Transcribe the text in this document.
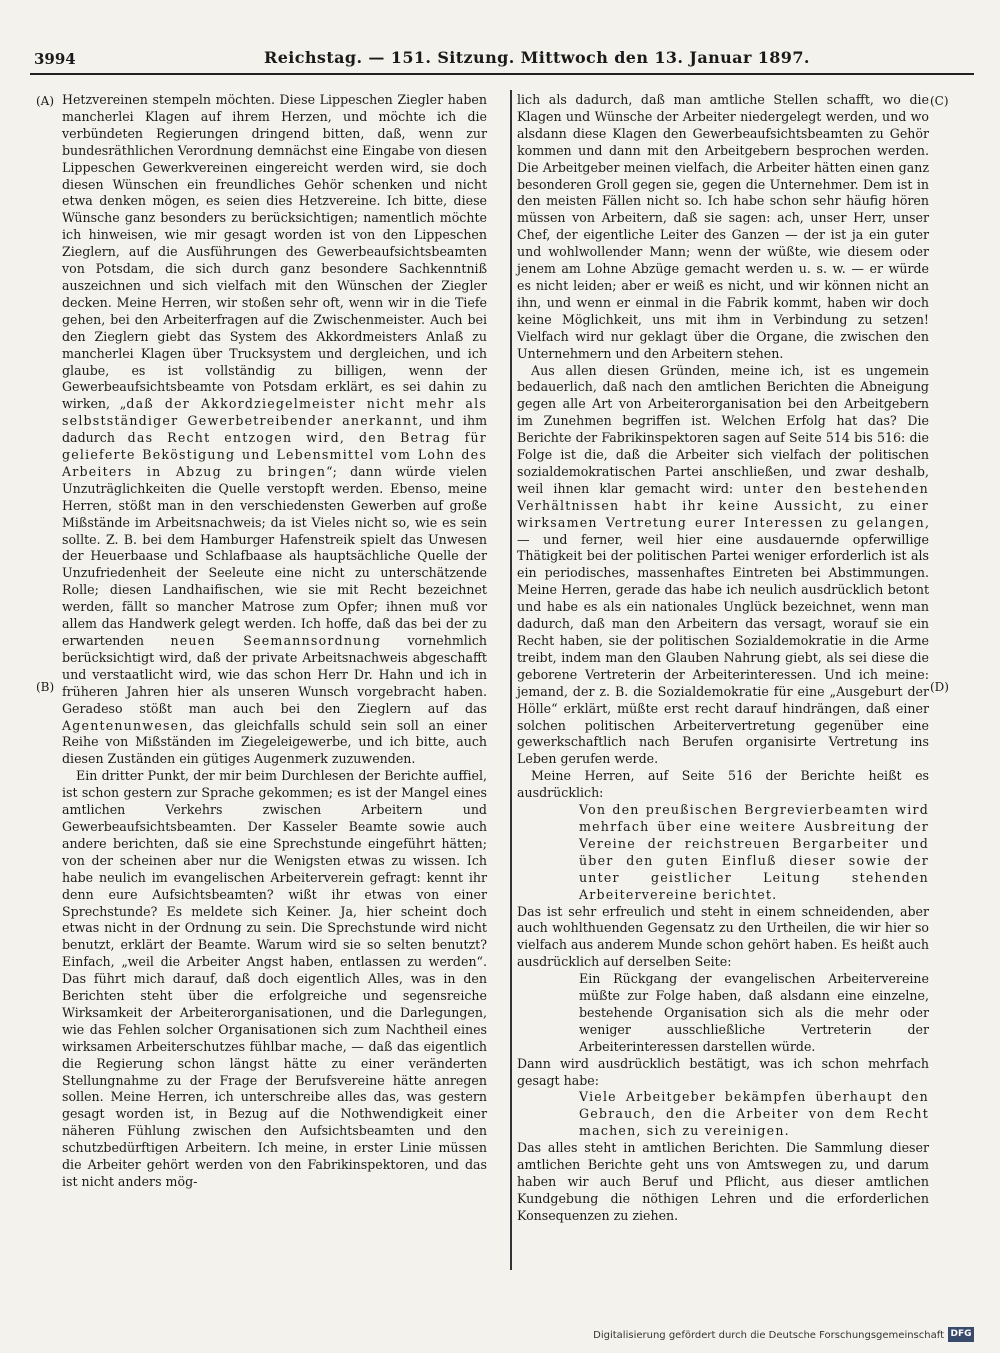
3994	Reichstag. — 151. Sitzung. Mittwoch den 13. Januar 1897.
(A)
(B)
(C)
(D)

Hetzvereinen stempeln möchten. Diese Lippeschen Ziegler haben mancherlei Klagen auf ihrem Herzen, und möchte ich die verbündeten Regierungen dringend bitten, daß, wenn zur bundesräthlichen Verordnung demnächst eine Eingabe von diesen Lippeschen Gewerkvereinen eingereicht werden wird, sie doch diesen Wünschen ein freundliches Gehör schenken und nicht etwa denken mögen, es seien dies Hetzvereine. Ich bitte, diese Wünsche ganz besonders zu berücksichtigen; namentlich möchte ich hinweisen, wie mir gesagt worden ist von den Lippeschen Zieglern, auf die Ausführungen des Gewerbeaufsichtsbeamten von Potsdam, die sich durch ganz besondere Sachkenntniß auszeichnen und sich vielfach mit den Wünschen der Ziegler decken. Meine Herren, wir stoßen sehr oft, wenn wir in die Tiefe gehen, bei den Arbeiterfragen auf die Zwischenmeister. Auch bei den Zieglern giebt das System des Akkordmeisters Anlaß zu mancherlei Klagen über Trucksystem und dergleichen, und ich glaube, es ist vollständig zu billigen, wenn der Gewerbeaufsichtsbeamte von Potsdam erklärt, es sei dahin zu wirken, „daß der Akkordziegelmeister nicht mehr als selbstständiger Gewerbetreibender anerkannt, und ihm dadurch das Recht entzogen wird, den Betrag für gelieferte Beköstigung und Lebensmittel vom Lohn des Arbeiters in Abzug zu bringen“; dann würde vielen Unzuträglichkeiten die Quelle verstopft werden. Ebenso, meine Herren, stößt man in den verschiedensten Gewerben auf große Mißstände im Arbeitsnachweis; da ist Vieles nicht so, wie es sein sollte. Z. B. bei dem Hamburger Hafenstreik spielt das Unwesen der Heuerbaase und Schlafbaase als hauptsächliche Quelle der Unzufriedenheit der Seeleute eine nicht zu unterschätzende Rolle; diesen Landhaifischen, wie sie mit Recht bezeichnet werden, fällt so mancher Matrose zum Opfer; ihnen muß vor allem das Handwerk gelegt werden. Ich hoffe, daß das bei der zu erwartenden neuen Seemannsordnung vornehmlich berücksichtigt wird, daß der private Arbeitsnachweis abgeschafft und verstaatlicht wird, wie das schon Herr Dr. Hahn und ich in früheren Jahren hier als unseren Wunsch vorgebracht haben. Geradeso stößt man auch bei den Zieglern auf das Agentenunwesen, das gleichfalls schuld sein soll an einer Reihe von Mißständen im Ziegeleigewerbe, und ich bitte, auch diesen Zuständen ein gütiges Augenmerk zuzuwenden.

Ein dritter Punkt, der mir beim Durchlesen der Berichte auffiel, ist schon gestern zur Sprache gekommen; es ist der Mangel eines amtlichen Verkehrs zwischen Arbeitern und Gewerbeaufsichtsbeamten. Der Kasseler Beamte sowie auch andere berichten, daß sie eine Sprechstunde eingeführt hätten; von der scheinen aber nur die Wenigsten etwas zu wissen. Ich habe neulich im evangelischen Arbeiterverein gefragt: kennt ihr denn eure Aufsichtsbeamten? wißt ihr etwas von einer Sprechstunde? Es meldete sich Keiner. Ja, hier scheint doch etwas nicht in der Ordnung zu sein. Die Sprechstunde wird nicht benutzt, erklärt der Beamte. Warum wird sie so selten benutzt? Einfach, „weil die Arbeiter Angst haben, entlassen zu werden“. Das führt mich darauf, daß doch eigentlich Alles, was in den Berichten steht über die erfolgreiche und segensreiche Wirksamkeit der Arbeiterorganisationen, und die Darlegungen, wie das Fehlen solcher Organisationen sich zum Nachtheil eines wirksamen Arbeiterschutzes fühlbar mache, — daß das eigentlich die Regierung schon längst hätte zu einer veränderten Stellungnahme zu der Frage der Berufsvereine hätte anregen sollen. Meine Herren, ich unterschreibe alles das, was gestern gesagt worden ist, in Bezug auf die Nothwendigkeit einer näheren Fühlung zwischen den Aufsichtsbeamten und den schutzbedürftigen Arbeitern. Ich meine, in erster Linie müssen die Arbeiter gehört werden von den Fabrikinspektoren, und das ist nicht anders mög-

lich als dadurch, daß man amtliche Stellen schafft, wo die Klagen und Wünsche der Arbeiter niedergelegt werden, und wo alsdann diese Klagen den Gewerbeaufsichtsbeamten zu Gehör kommen und dann mit den Arbeitgebern besprochen werden. Die Arbeitgeber meinen vielfach, die Arbeiter hätten einen ganz besonderen Groll gegen sie, gegen die Unternehmer. Dem ist in den meisten Fällen nicht so. Ich habe schon sehr häufig hören müssen von Arbeitern, daß sie sagen: ach, unser Herr, unser Chef, der eigentliche Leiter des Ganzen — der ist ja ein guter und wohlwollender Mann; wenn der wüßte, wie diesem oder jenem am Lohne Abzüge gemacht werden u. s. w. — er würde es nicht leiden; aber er weiß es nicht, und wir können nicht an ihn, und wenn er einmal in die Fabrik kommt, haben wir doch keine Möglichkeit, uns mit ihm in Verbindung zu setzen! Vielfach wird nur geklagt über die Organe, die zwischen den Unternehmern und den Arbeitern stehen.

Aus allen diesen Gründen, meine ich, ist es ungemein bedauerlich, daß nach den amtlichen Berichten die Abneigung gegen alle Art von Arbeiterorganisation bei den Arbeitgebern im Zunehmen begriffen ist. Welchen Erfolg hat das? Die Berichte der Fabrikinspektoren sagen auf Seite 514 bis 516: die Folge ist die, daß die Arbeiter sich vielfach der politischen sozialdemokratischen Partei anschließen, und zwar deshalb, weil ihnen klar gemacht wird: unter den bestehenden Verhältnissen habt ihr keine Aussicht, zu einer wirksamen Vertretung eurer Interessen zu gelangen, — und ferner, weil hier eine ausdauernde opferwillige Thätigkeit bei der politischen Partei weniger erforderlich ist als ein periodisches, massenhaftes Eintreten bei Abstimmungen. Meine Herren, gerade das habe ich neulich ausdrücklich betont und habe es als ein nationales Unglück bezeichnet, wenn man dadurch, daß man den Arbeitern das versagt, worauf sie ein Recht haben, sie der politischen Sozialdemokratie in die Arme treibt, indem man den Glauben Nahrung giebt, als sei diese die geborene Vertreterin der Arbeiterinteressen. Und ich meine: jemand, der z. B. die Sozialdemokratie für eine „Ausgeburt der Hölle“ erklärt, müßte erst recht darauf hindrängen, daß einer solchen politischen Arbeitervertretung gegenüber eine gewerkschaftlich nach Berufen organisirte Vertretung ins Leben gerufen werde.

Meine Herren, auf Seite 516 der Berichte heißt es ausdrücklich:

Von den preußischen Bergrevierbeamten wird mehrfach über eine weitere Ausbreitung der Vereine der reichstreuen Bergarbeiter und über den guten Einfluß dieser sowie der unter geistlicher Leitung stehenden Arbeitervereine berichtet.

Das ist sehr erfreulich und steht in einem schneidenden, aber auch wohlthuenden Gegensatz zu den Urtheilen, die wir hier so vielfach aus anderem Munde schon gehört haben. Es heißt auch ausdrücklich auf derselben Seite:

Ein Rückgang der evangelischen Arbeitervereine müßte zur Folge haben, daß alsdann eine einzelne, bestehende Organisation sich als die mehr oder weniger ausschließliche Vertreterin der Arbeiterinteressen darstellen würde.

Dann wird ausdrücklich bestätigt, was ich schon mehrfach gesagt habe:

Viele Arbeitgeber bekämpfen überhaupt den Gebrauch, den die Arbeiter von dem Recht machen, sich zu vereinigen.

Das alles steht in amtlichen Berichten. Die Sammlung dieser amtlichen Berichte geht uns von Amtswegen zu, und darum haben wir auch Beruf und Pflicht, aus dieser amtlichen Kundgebung die nöthigen Lehren und die erforderlichen Konsequenzen zu ziehen.

Digitalisierung gefördert durch die Deutsche Forschungsgemeinschaft DFG
